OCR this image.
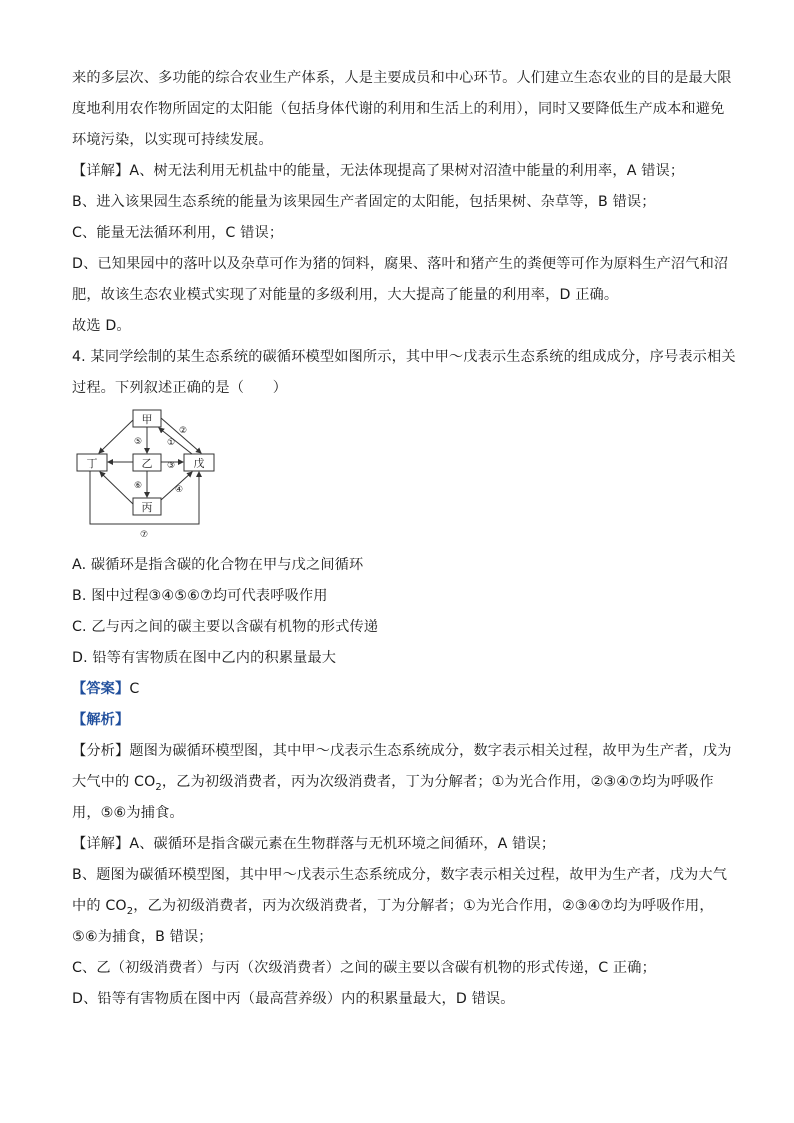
来的多层次、多功能的综合农业生产体系，人是主要成员和中心环节。人们建立生态农业的目的是最大限
度地利用农作物所固定的太阳能（包括身体代谢的利用和生活上的利用），同时又要降低生产成本和避免
环境污染，以实现可持续发展。
【详解】A、树无法利用无机盐中的能量，无法体现提高了果树对沼渣中能量的利用率，A 错误；
B、进入该果园生态系统的能量为该果园生产者固定的太阳能，包括果树、杂草等，B 错误；
C、能量无法循环利用，C 错误；
D、已知果园中的落叶以及杂草可作为猪的饲料，腐果、落叶和猪产生的粪便等可作为原料生产沼气和沼
肥，故该生态农业模式实现了对能量的多级利用，大大提高了能量的利用率，D 正确。
故选 D。
4. 某同学绘制的某生态系统的碳循环模型如图所示，其中甲～戊表示生态系统的组成成分，序号表示相关
过程。下列叙述正确的是（　　）
甲
乙
丙
丁	戊
①
②
③
④
⑤
⑥
⑦
A. 碳循环是指含碳的化合物在甲与戊之间循环
B. 图中过程③④⑤⑥⑦均可代表呼吸作用
C. 乙与丙之间的碳主要以含碳有机物的形式传递
D. 铅等有害物质在图中乙内的积累量最大
【答案】C
【解析】
【分析】题图为碳循环模型图，其中甲～戊表示生态系统成分，数字表示相关过程，故甲为生产者，戊为
大气中的 $CO_2$，乙为初级消费者，丙为次级消费者，丁为分解者；①为光合作用，②③④⑦均为呼吸作
用，⑤⑥为捕食。
【详解】A、碳循环是指含碳元素在生物群落与无机环境之间循环，A 错误；
B、题图为碳循环模型图，其中甲～戊表示生态系统成分，数字表示相关过程，故甲为生产者，戊为大气
中的 $CO_2$，乙为初级消费者，丙为次级消费者，丁为分解者；①为光合作用，②③④⑦均为呼吸作用，
⑤⑥为捕食，B 错误；
C、乙（初级消费者）与丙（次级消费者）之间的碳主要以含碳有机物的形式传递，C 正确；
D、铅等有害物质在图中丙（最高营养级）内的积累量最大，D 错误。
